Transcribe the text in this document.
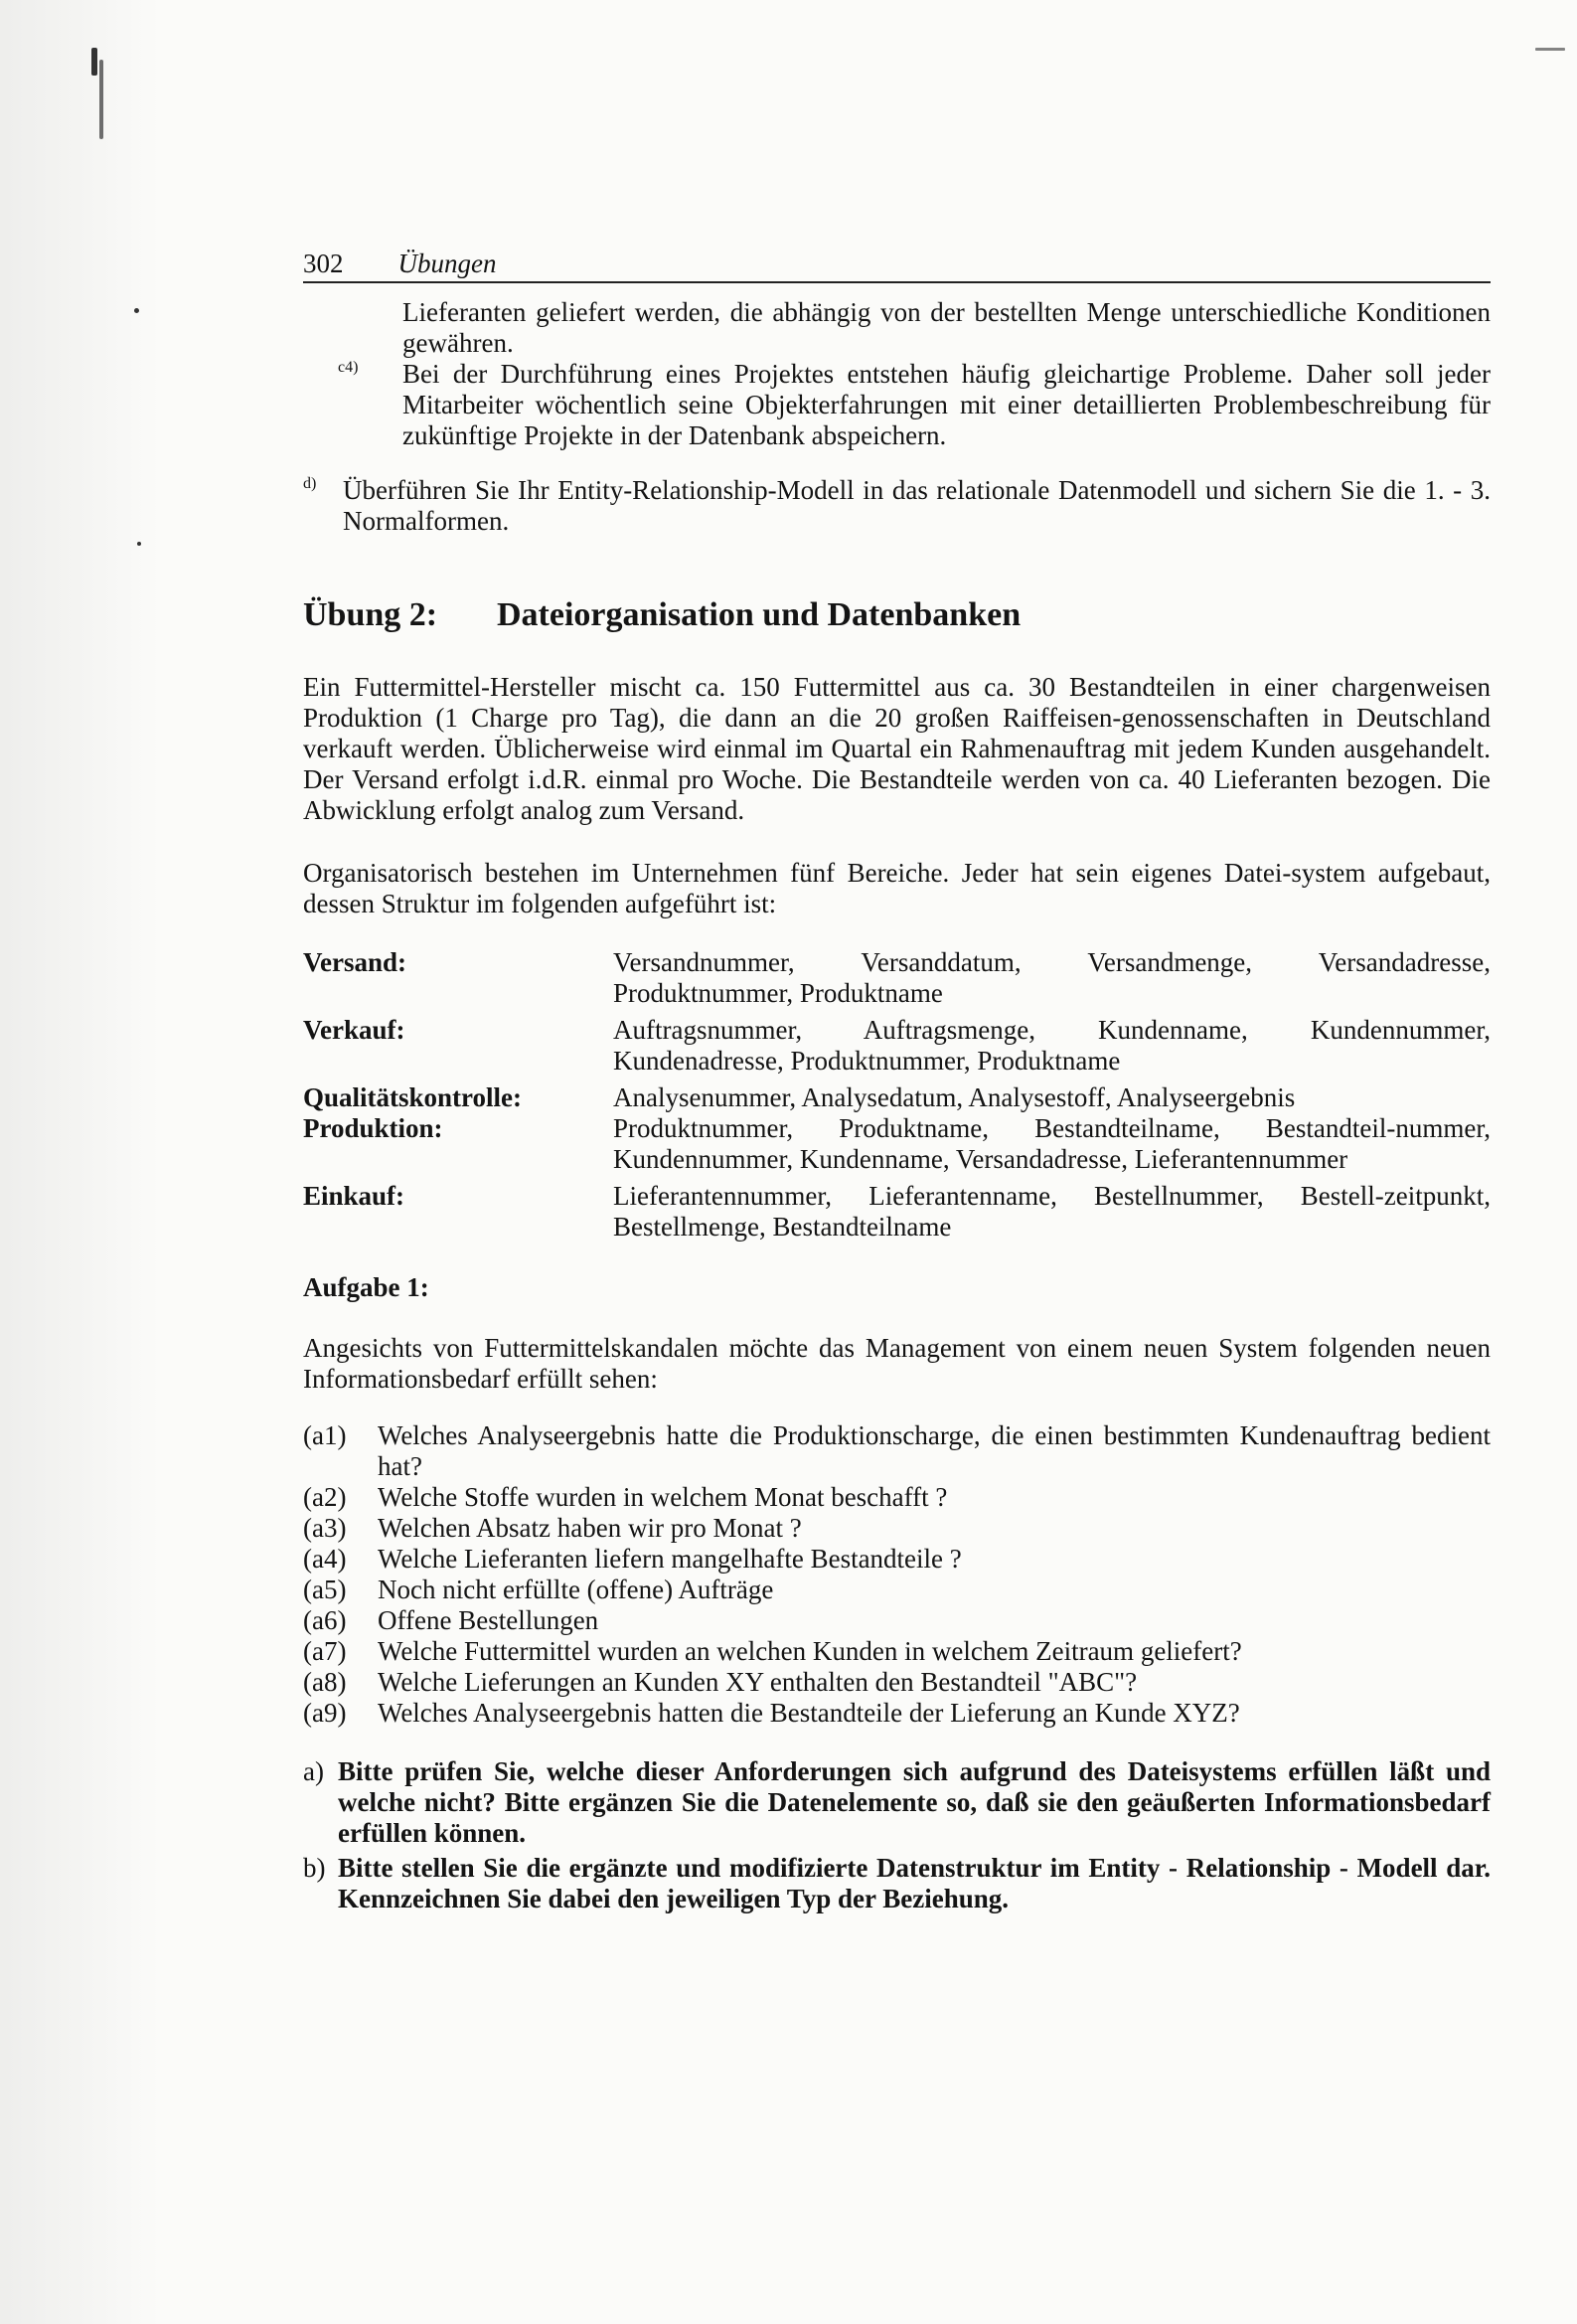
302 Übungen

Lieferanten geliefert werden, die abhängig von der bestellten Menge unterschiedliche Konditionen gewähren.

c4)	Bei der Durchführung eines Projektes entstehen häufig gleichartige Probleme. Daher soll jeder Mitarbeiter wöchentlich seine Objekterfahrungen mit einer detaillierten Problembeschreibung für zukünftige Projekte in der Datenbank abspeichern.

d) Überführen Sie Ihr Entity-Relationship-Modell in das relationale Datenmodell und sichern Sie die 1. - 3. Normalformen.

Übung 2:	Dateiorganisation und Datenbanken

Ein Futtermittel-Hersteller mischt ca. 150 Futtermittel aus ca. 30 Bestandteilen in einer chargenweisen Produktion (1 Charge pro Tag), die dann an die 20 großen Raiffeisen-genossenschaften in Deutschland verkauft werden. Üblicherweise wird einmal im Quartal ein Rahmenauftrag mit jedem Kunden ausgehandelt. Der Versand erfolgt i.d.R. einmal pro Woche. Die Bestandteile werden von ca. 40 Lieferanten bezogen. Die Abwicklung erfolgt analog zum Versand.

Organisatorisch bestehen im Unternehmen fünf Bereiche. Jeder hat sein eigenes Datei-system aufgebaut, dessen Struktur im folgenden aufgeführt ist:

Versand:	Versandnummer, Versanddatum, Versandmenge, Versandadresse, Produktnummer, Produktname
Verkauf:	Auftragsnummer, Auftragsmenge, Kundenname, Kundennummer, Kundenadresse, Produktnummer, Produktname
Qualitätskontrolle:	Analysenummer, Analysedatum, Analysestoff, Analyseergebnis
Produktion:	Produktnummer, Produktname, Bestandteilname, Bestandteil-nummer, Kundennummer, Kundenname, Versandadresse, Lieferantennummer
Einkauf:	Lieferantennummer, Lieferantenname, Bestellnummer, Bestell-zeitpunkt, Bestellmenge, Bestandteilname
Aufgabe 1:

Angesichts von Futtermittelskandalen möchte das Management von einem neuen System folgenden neuen Informationsbedarf erfüllt sehen:

(a1)	Welches Analyseergebnis hatte die Produktionscharge, die einen bestimmten Kundenauftrag bedient hat?

(a2)	Welche Stoffe wurden in welchem Monat beschafft ?

(a3)	Welchen Absatz haben wir pro Monat ?

(a4)	Welche Lieferanten liefern mangelhafte Bestandteile ?

(a5)	Noch nicht erfüllte (offene) Aufträge

(a6)	Offene Bestellungen

(a7)	Welche Futtermittel wurden an welchen Kunden in welchem Zeitraum geliefert?

(a8)	Welche Lieferungen an Kunden XY enthalten den Bestandteil "ABC"?

(a9)	Welches Analyseergebnis hatten die Bestandteile der Lieferung an Kunde XYZ?

a) Bitte prüfen Sie, welche dieser Anforderungen sich aufgrund des Dateisystems erfüllen läßt und welche nicht? Bitte ergänzen Sie die Datenelemente so, daß sie den geäußerten Informationsbedarf erfüllen können.

b) Bitte stellen Sie die ergänzte und modifizierte Datenstruktur im Entity - Relationship - Modell dar. Kennzeichnen Sie dabei den jeweiligen Typ der Beziehung.
